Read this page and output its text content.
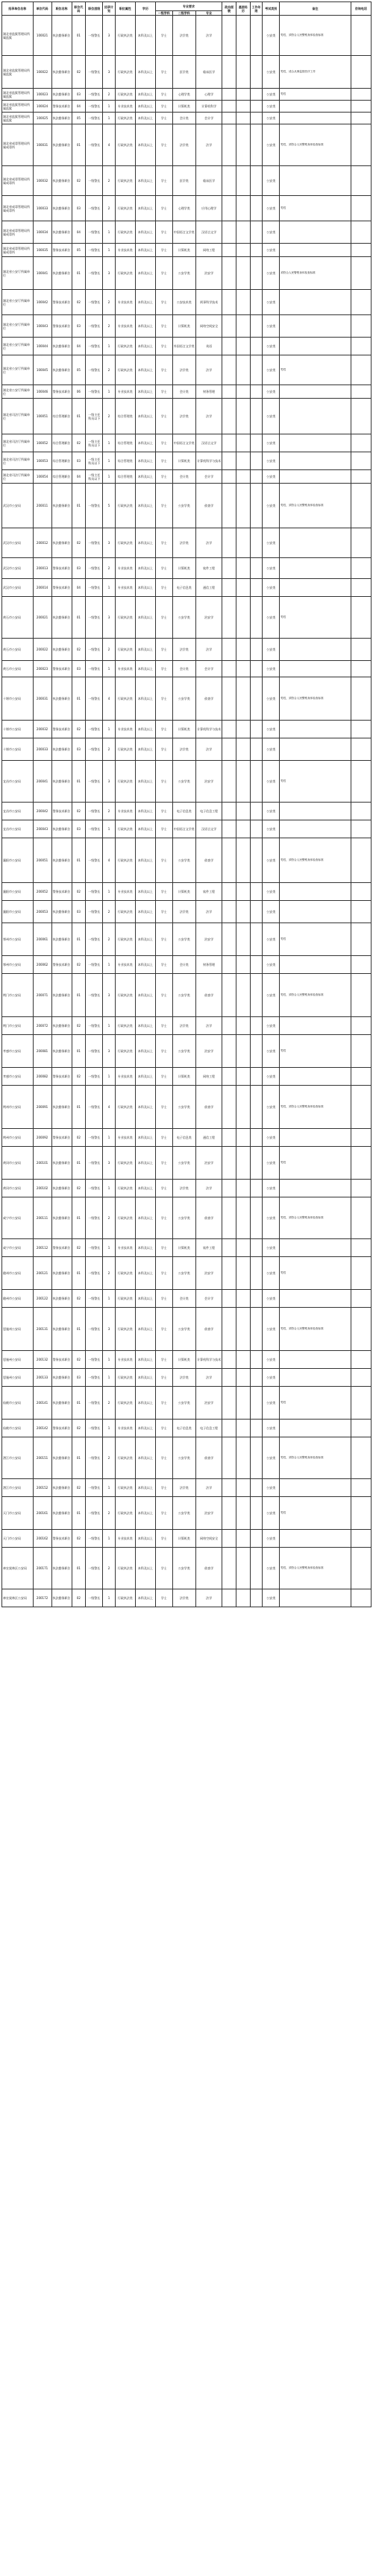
招录单位名称	单位代码	职位名称	职位代码	职位层级	招录计划	职位属性	学历	专业要求			政治面貌	基层经历	工作年限	考试类别	备注	咨询电话
								一级学科	二级学科	专业						
湖北省监狱管理局所属监狱	100021	执法勤务职位	01	一级警长	3	行政执法类	本科及以上	学士	法学类	法学				公安类	男性，须符合人民警察身体检查标准	
湖北省监狱管理局所属监狱	100022	执法勤务职位	02	一级警长	3	行政执法类	本科及以上	学士	医学类	临床医学				公安类	男性，适合从事监管医疗工作	
湖北省监狱管理局所属监狱	100023	执法勤务职位	03	一级警长	2	行政执法类	本科及以上	学士	心理学类	心理学				公安类	男性	
湖北省监狱管理局所属监狱	100024	警务技术职位	04	一级警长	1	专业技术类	本科及以上	学士	计算机类	计算机科学				公安类		
湖北省监狱管理局所属监狱	100025	执法勤务职位	05	一级警长	1	行政执法类	本科及以上	学士	会计类	会计学				公安类		
湖北省戒毒管理局所属戒毒所	100031	执法勤务职位	01	一级警长	4	行政执法类	本科及以上	学士	法学类	法学				公安类	男性，须符合人民警察身体检查标准	
湖北省戒毒管理局所属戒毒所	100032	执法勤务职位	02	一级警长	2	行政执法类	本科及以上	学士	医学类	临床医学				公安类		
湖北省戒毒管理局所属戒毒所	100033	执法勤务职位	03	一级警长	2	行政执法类	本科及以上	学士	心理学类	应用心理学				公安类	男性	
湖北省戒毒管理局所属戒毒所	100034	执法勤务职位	04	一级警长	1	行政执法类	本科及以上	学士	中国语言文学类	汉语言文学				公安类		
湖北省戒毒管理局所属戒毒所	100035	警务技术职位	05	一级警长	1	专业技术类	本科及以上	学士	计算机类	网络工程				公安类		
湖北省公安厅所属单位	100041	执法勤务职位	01	一级警长	3	行政执法类	本科及以上	学士	公安学类	治安学				公安类	须符合人民警察身体检查标准	
湖北省公安厅所属单位	100042	警务技术职位	02	一级警长	2	专业技术类	本科及以上	学士	公安技术类	刑事科学技术				公安类		
湖北省公安厅所属单位	100043	警务技术职位	03	一级警长	2	专业技术类	本科及以上	学士	计算机类	网络空间安全				公安类		
湖北省公安厅所属单位	100044	执法勤务职位	04	一级警长	1	行政执法类	本科及以上	学士	外国语言文学类	英语				公安类		
湖北省公安厅所属单位	100045	执法勤务职位	05	一级警长	2	行政执法类	本科及以上	学士	法学类	法学				公安类	男性	
湖北省公安厅所属单位	100046	警务技术职位	06	一级警长	1	专业技术类	本科及以上	学士	会计类	财务管理				公安类		
湖北省司法厅所属单位	100051	综合管理职位	01	一级主任科员以下	2	综合管理类	本科及以上	学士	法学类	法学				公安类		
湖北省司法厅所属单位	100052	综合管理职位	02	一级主任科员以下	1	综合管理类	本科及以上	学士	中国语言文学类	汉语言文学				公安类		
湖北省司法厅所属单位	100053	综合管理职位	03	一级主任科员以下	1	综合管理类	本科及以上	学士	计算机类	计算机科学与技术				公安类		
湖北省司法厅所属单位	100054	综合管理职位	04	一级主任科员以下	1	综合管理类	本科及以上	学士	会计类	会计学				公安类		
武汉市公安局	200011	执法勤务职位	01	一级警长	5	行政执法类	本科及以上	学士	公安学类	侦查学				公安类	男性，须符合人民警察身体检查标准	
武汉市公安局	200012	执法勤务职位	02	一级警长	3	行政执法类	本科及以上	学士	法学类	法学				公安类		
武汉市公安局	200013	警务技术职位	03	一级警长	2	专业技术类	本科及以上	学士	计算机类	软件工程				公安类		
武汉市公安局	200014	警务技术职位	04	一级警长	1	专业技术类	本科及以上	学士	电子信息类	通信工程				公安类		
黄石市公安局	200021	执法勤务职位	01	一级警长	3	行政执法类	本科及以上	学士	公安学类	治安学				公安类	男性	
黄石市公安局	200022	执法勤务职位	02	一级警长	2	行政执法类	本科及以上	学士	法学类	法学				公安类		
黄石市公安局	200023	警务技术职位	03	一级警长	1	专业技术类	本科及以上	学士	会计类	会计学				公安类		
十堰市公安局	200031	执法勤务职位	01	一级警长	4	行政执法类	本科及以上	学士	公安学类	侦查学				公安类	男性，须符合人民警察身体检查标准	
十堰市公安局	200032	警务技术职位	02	一级警长	1	专业技术类	本科及以上	学士	计算机类	计算机科学与技术				公安类		
十堰市公安局	200033	执法勤务职位	03	一级警长	2	行政执法类	本科及以上	学士	法学类	法学				公安类		
宜昌市公安局	200041	执法勤务职位	01	一级警长	3	行政执法类	本科及以上	学士	公安学类	治安学				公安类	男性	
宜昌市公安局	200042	警务技术职位	02	一级警长	2	专业技术类	本科及以上	学士	电子信息类	电子信息工程				公安类		
宜昌市公安局	200043	执法勤务职位	03	一级警长	1	行政执法类	本科及以上	学士	中国语言文学类	汉语言文学				公安类		
襄阳市公安局	200051	执法勤务职位	01	一级警长	4	行政执法类	本科及以上	学士	公安学类	侦查学				公安类	男性，须符合人民警察身体检查标准	
襄阳市公安局	200052	警务技术职位	02	一级警长	1	专业技术类	本科及以上	学士	计算机类	软件工程				公安类		
襄阳市公安局	200053	执法勤务职位	03	一级警长	2	行政执法类	本科及以上	学士	法学类	法学				公安类		
鄂州市公安局	200061	执法勤务职位	01	一级警长	2	行政执法类	本科及以上	学士	公安学类	治安学				公安类	男性	
鄂州市公安局	200062	警务技术职位	02	一级警长	1	专业技术类	本科及以上	学士	会计类	财务管理				公安类		
荆门市公安局	200071	执法勤务职位	01	一级警长	3	行政执法类	本科及以上	学士	公安学类	侦查学				公安类	男性，须符合人民警察身体检查标准	
荆门市公安局	200072	执法勤务职位	02	一级警长	1	行政执法类	本科及以上	学士	法学类	法学				公安类		
孝感市公安局	200081	执法勤务职位	01	一级警长	3	行政执法类	本科及以上	学士	公安学类	治安学				公安类	男性	
孝感市公安局	200082	警务技术职位	02	一级警长	1	专业技术类	本科及以上	学士	计算机类	网络工程				公安类		
荆州市公安局	200091	执法勤务职位	01	一级警长	4	行政执法类	本科及以上	学士	公安学类	侦查学				公安类	男性，须符合人民警察身体检查标准	
荆州市公安局	200092	警务技术职位	02	一级警长	1	专业技术类	本科及以上	学士	电子信息类	通信工程				公安类		
黄冈市公安局	200101	执法勤务职位	01	一级警长	3	行政执法类	本科及以上	学士	公安学类	治安学				公安类	男性	
黄冈市公安局	200102	执法勤务职位	02	一级警长	1	行政执法类	本科及以上	学士	法学类	法学				公安类		
咸宁市公安局	200111	执法勤务职位	01	一级警长	2	行政执法类	本科及以上	学士	公安学类	侦查学				公安类	男性，须符合人民警察身体检查标准	
咸宁市公安局	200112	警务技术职位	02	一级警长	1	专业技术类	本科及以上	学士	计算机类	软件工程				公安类		
随州市公安局	200121	执法勤务职位	01	一级警长	2	行政执法类	本科及以上	学士	公安学类	治安学				公安类	男性	
随州市公安局	200122	执法勤务职位	02	一级警长	1	行政执法类	本科及以上	学士	会计类	会计学				公安类		
恩施州公安局	200131	执法勤务职位	01	一级警长	3	行政执法类	本科及以上	学士	公安学类	侦查学				公安类	男性，须符合人民警察身体检查标准	
恩施州公安局	200132	警务技术职位	02	一级警长	1	专业技术类	本科及以上	学士	计算机类	计算机科学与技术				公安类		
恩施州公安局	200133	执法勤务职位	03	一级警长	1	行政执法类	本科及以上	学士	法学类	法学				公安类		
仙桃市公安局	200141	执法勤务职位	01	一级警长	2	行政执法类	本科及以上	学士	公安学类	治安学				公安类	男性	
仙桃市公安局	200142	警务技术职位	02	一级警长	1	专业技术类	本科及以上	学士	电子信息类	电子信息工程				公安类		
潜江市公安局	200151	执法勤务职位	01	一级警长	2	行政执法类	本科及以上	学士	公安学类	侦查学				公安类	男性，须符合人民警察身体检查标准	
潜江市公安局	200152	执法勤务职位	02	一级警长	1	行政执法类	本科及以上	学士	法学类	法学				公安类		
天门市公安局	200161	执法勤务职位	01	一级警长	2	行政执法类	本科及以上	学士	公安学类	治安学				公安类	男性	
天门市公安局	200162	警务技术职位	02	一级警长	1	专业技术类	本科及以上	学士	计算机类	网络空间安全				公安类		
神农架林区公安局	200171	执法勤务职位	01	一级警长	2	行政执法类	本科及以上	学士	公安学类	侦查学				公安类	男性，须符合人民警察身体检查标准	
神农架林区公安局	200172	执法勤务职位	02	一级警长	1	行政执法类	本科及以上	学士	法学类	法学				公安类		
